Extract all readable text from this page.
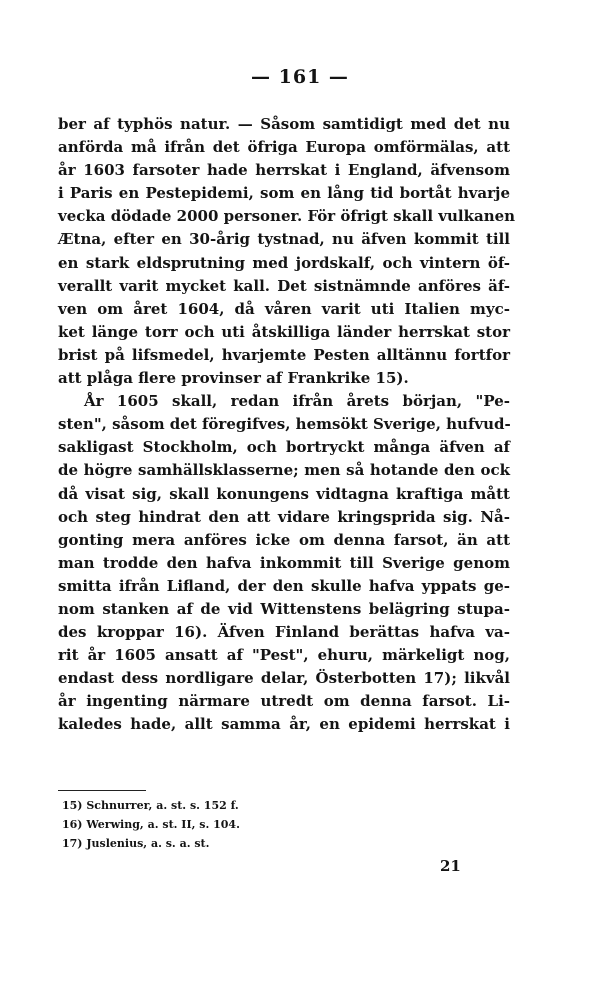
— 161 —
ber af typhös natur. — Såsom samtidigt med det nu
anförda må ifrån det öfriga Europa omförmälas, att
år 1603 farsoter hade herrskat i England, äfvensom
i Paris en Pestepidemi, som en lång tid bortåt hvarje
vecka dödade 2000 personer. För öfrigt skall vulkanen
Ætna, efter en 30-årig tystnad, nu äfven kommit till
en stark eldsprutning med jordskalf, och vintern öf-
verallt varit mycket kall. Det sistnämnde anföres äf-
ven om året 1604, då våren varit uti Italien myc-
ket länge torr och uti åtskilliga länder herrskat stor
brist på lifsmedel, hvarjemte Pesten alltännu fortfor
att plåga flere provinser af Frankrike 15).
År 1605 skall, redan ifrån årets början, "Pe-
sten", såsom det föregifves, hemsökt Sverige, hufvud-
sakligast Stockholm, och bortryckt många äfven af
de högre samhällsklasserne; men så hotande den ock
då visat sig, skall konungens vidtagna kraftiga mått
och steg hindrat den att vidare kringsprida sig. Nå-
gonting mera anföres icke om denna farsot, än att
man trodde den hafva inkommit till Sverige genom
smitta ifrån Lifland, der den skulle hafva yppats ge-
nom stanken af de vid Wittenstens belägring stupa-
des kroppar 16). Äfven Finland berättas hafva va-
rit år 1605 ansatt af "Pest", ehuru, märkeligt nog,
endast dess nordligare delar, Österbotten 17); likvål
år ingenting närmare utredt om denna farsot. Li-
kaledes hade, allt samma år, en epidemi herrskat i
15) Schnurrer, a. st. s. 152 f.
16) Werwing, a. st. II, s. 104.
17) Juslenius, a. s. a. st.
21
